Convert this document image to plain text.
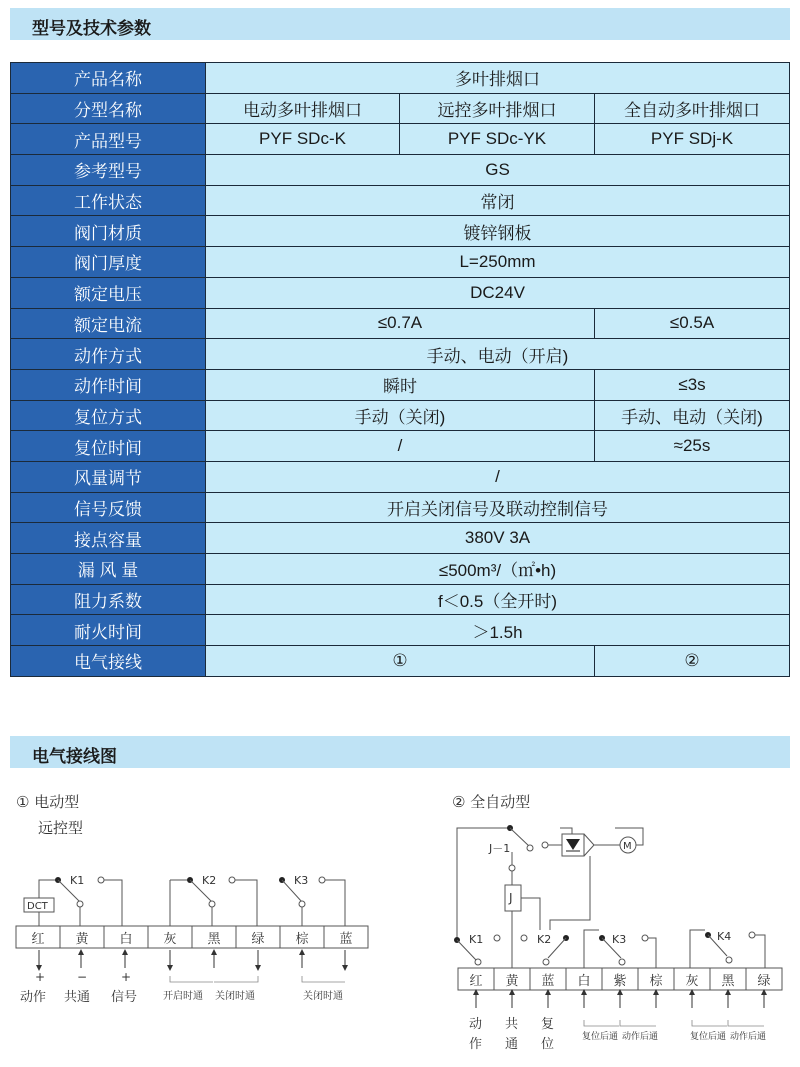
型号及技术参数
产品名称	多叶排烟口		
分型名称	电动多叶排烟口	远控多叶排烟口	全自动多叶排烟口
产品型号	PYF SDc-K	PYF SDc-YK	PYF SDj-K
参考型号	GS		
工作状态	常闭		
阀门材质	镀锌钢板		
阀门厚度	L=250mm		
额定电压	DC24V		
额定电流	≤0.7A		≤0.5A
动作方式	手动、电动（开启)		
动作时间	瞬时		≤3s
复位方式	手动（关闭)		手动、电动（关闭)
复位时间	/		≈25s
风量调节	/		
信号反馈	开启关闭信号及联动控制信号		
接点容量	380V 3A		
漏 风 量	≤500m³/（㎡•h)		
阻力系数	f＜0.5（全开时)		
耐火时间	＞1.5h		
电气接线	①		②
电气接线图
① 电动型
远控型
DCT
K1	K2	K3
红 黄 白 灰 黑 绿 棕 蓝
+	−	+
动作 共通 信号	开启时通 关闭时通	关闭时通
② 全自动型
J－1	M
J
K1	K2	K3	K4
红 黄 蓝 白 紫 棕 灰 黑 绿
动
作
共
通
复
位	复位后通 动作后通	复位后通 动作后通
